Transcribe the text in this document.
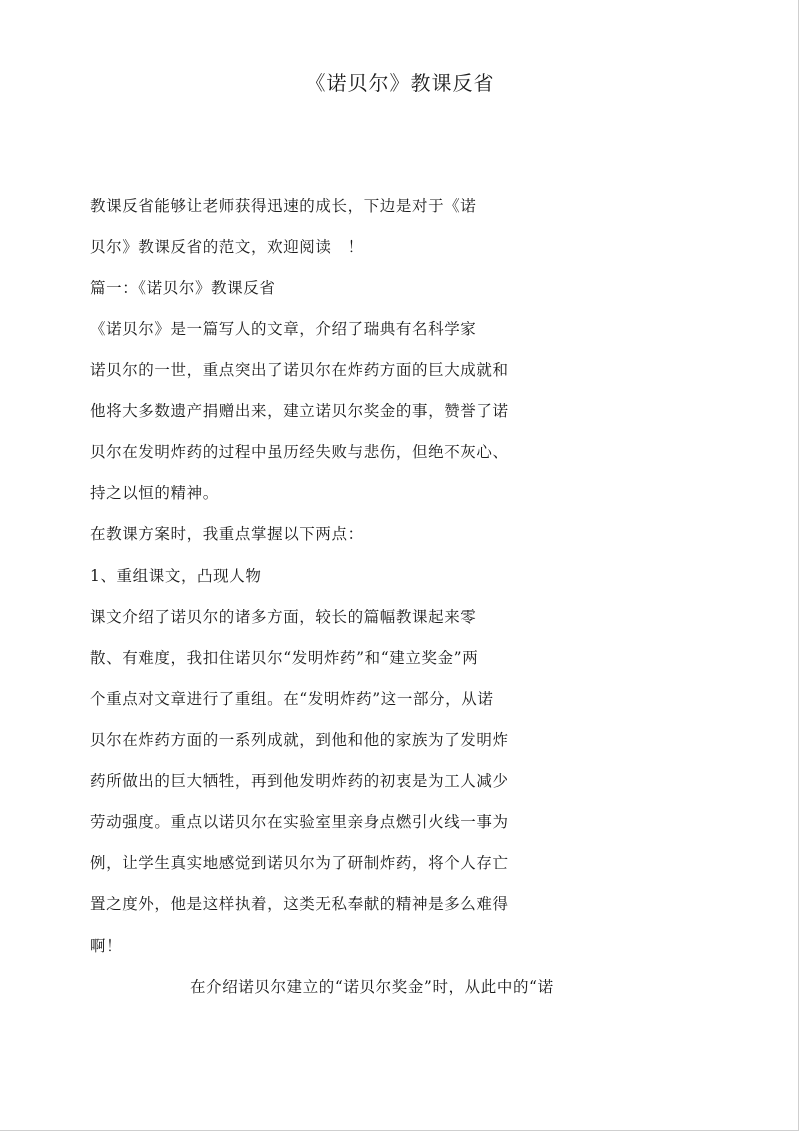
《诺贝尔》教课反省
教课反省能够让老师获得迅速的成长，下边是对于《诺
贝尔》教课反省的范文，欢迎阅读　！
篇一：《诺贝尔》教课反省
《诺贝尔》是一篇写人的文章，介绍了瑞典有名科学家
诺贝尔的一世，重点突出了诺贝尔在炸药方面的巨大成就和
他将大多数遗产捐赠出来，建立诺贝尔奖金的事，赞誉了诺
贝尔在发明炸药的过程中虽历经失败与悲伤，但绝不灰心、
持之以恒的精神。
在教课方案时，我重点掌握以下两点：
1、重组课文，凸现人物
课文介绍了诺贝尔的诸多方面，较长的篇幅教课起来零
散、有难度，我扣住诺贝尔“发明炸药”和“建立奖金”两
个重点对文章进行了重组。在“发明炸药”这一部分，从诺
贝尔在炸药方面的一系列成就，到他和他的家族为了发明炸
药所做出的巨大牺牲，再到他发明炸药的初衷是为工人减少
劳动强度。重点以诺贝尔在实验室里亲身点燃引火线一事为
例，让学生真实地感觉到诺贝尔为了研制炸药，将个人存亡
置之度外，他是这样执着，这类无私奉献的精神是多么难得
啊！
在介绍诺贝尔建立的“诺贝尔奖金”时，从此中的“诺
